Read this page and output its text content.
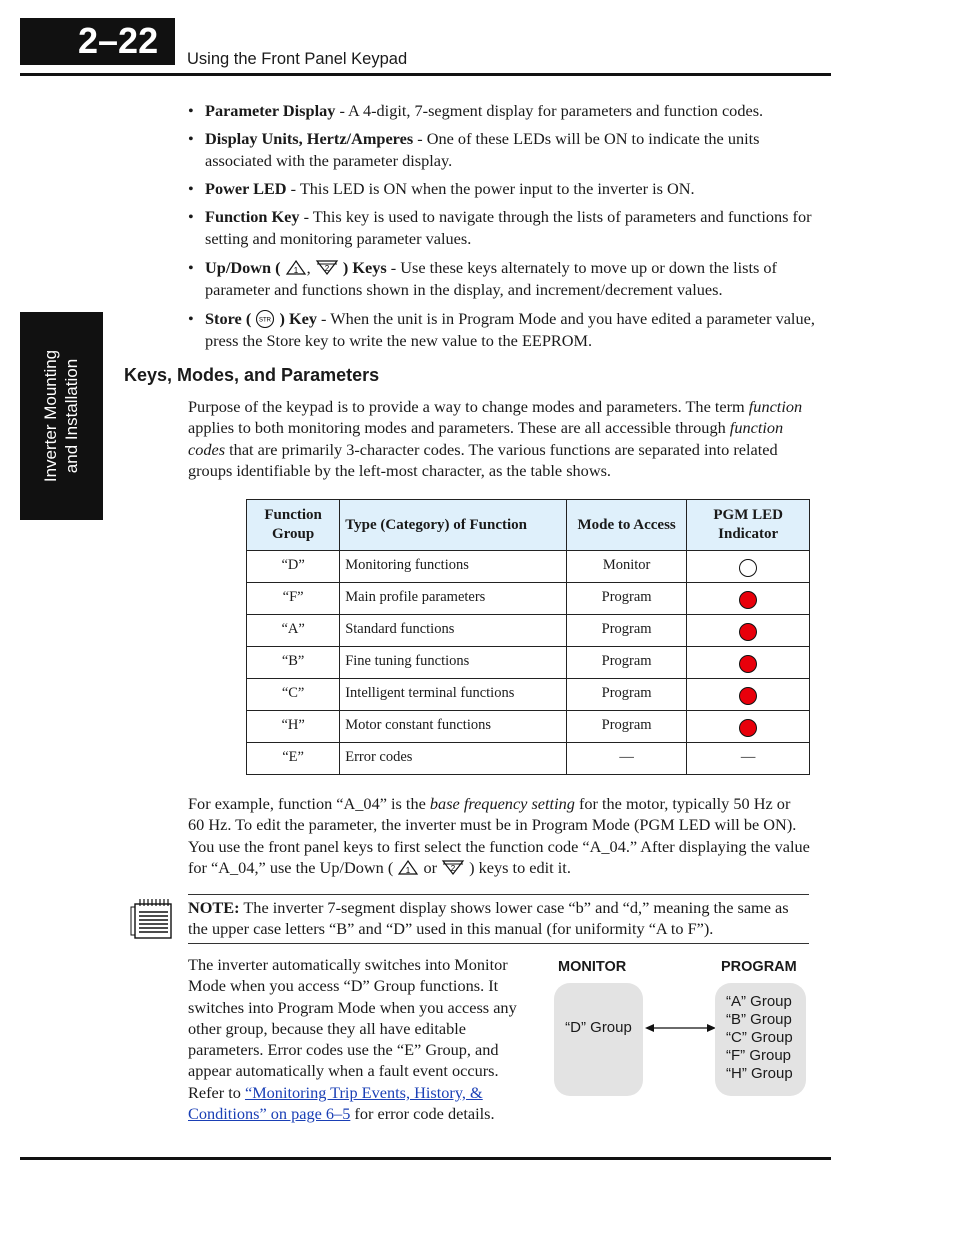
2–22 Using the Front Panel Keypad
Inverter Mounting and Installation
• Parameter Display - A 4-digit, 7-segment display for parameters and function codes.
• Display Units, Hertz/Amperes - One of these LEDs will be ON to indicate the units associated with the parameter display.
• Power LED - This LED is ON when the power input to the inverter is ON.
• Function Key - This key is used to navigate through the lists of parameters and functions for setting and monitoring parameter values.
• Up/Down ( 1 , 2 ) Keys - Use these keys alternately to move up or down the lists of parameter and functions shown in the display, and increment/decrement values.
• Store ( STR ) Key - When the unit is in Program Mode and you have edited a parameter value, press the Store key to write the new value to the EEPROM.
Keys, Modes, and Parameters
Purpose of the keypad is to provide a way to change modes and parameters. The term function applies to both monitoring modes and parameters. These are all accessible through function codes that are primarily 3-character codes. The various functions are separated into related groups identifiable by the left-most character, as the table shows.
Function Group	Type (Category) of Function	Mode to Access	PGM LED Indicator
“D”	Monitoring functions	Monitor	
“F”	Main profile parameters	Program	
“A”	Standard functions	Program	
“B”	Fine tuning functions	Program	
“C”	Intelligent terminal functions	Program	
“H”	Motor constant functions	Program	
“E”	Error codes	—	—
For example, function “A_04” is the base frequency setting for the motor, typically 50 Hz or 60 Hz. To edit the parameter, the inverter must be in Program Mode (PGM LED will be ON). You use the front panel keys to first select the function code “A_04.” After displaying the value for “A_04,” use the Up/Down ( 1 or 2 ) keys to edit it.
NOTE: The inverter 7-segment display shows lower case “b” and “d,” meaning the same as the upper case letters “B” and “D” used in this manual (for uniformity “A to F”).
The inverter automatically switches into Monitor Mode when you access “D” Group functions. It switches into Program Mode when you access any other group, because they all have editable parameters. Error codes use the “E” Group, and appear automatically when a fault event occurs. Refer to “Monitoring Trip Events, History, & Conditions” on page 6–5 for error code details.
MONITOR	PROGRAM
“D” Group
“A” Group
“B” Group
“C” Group
“F” Group
“H” Group
